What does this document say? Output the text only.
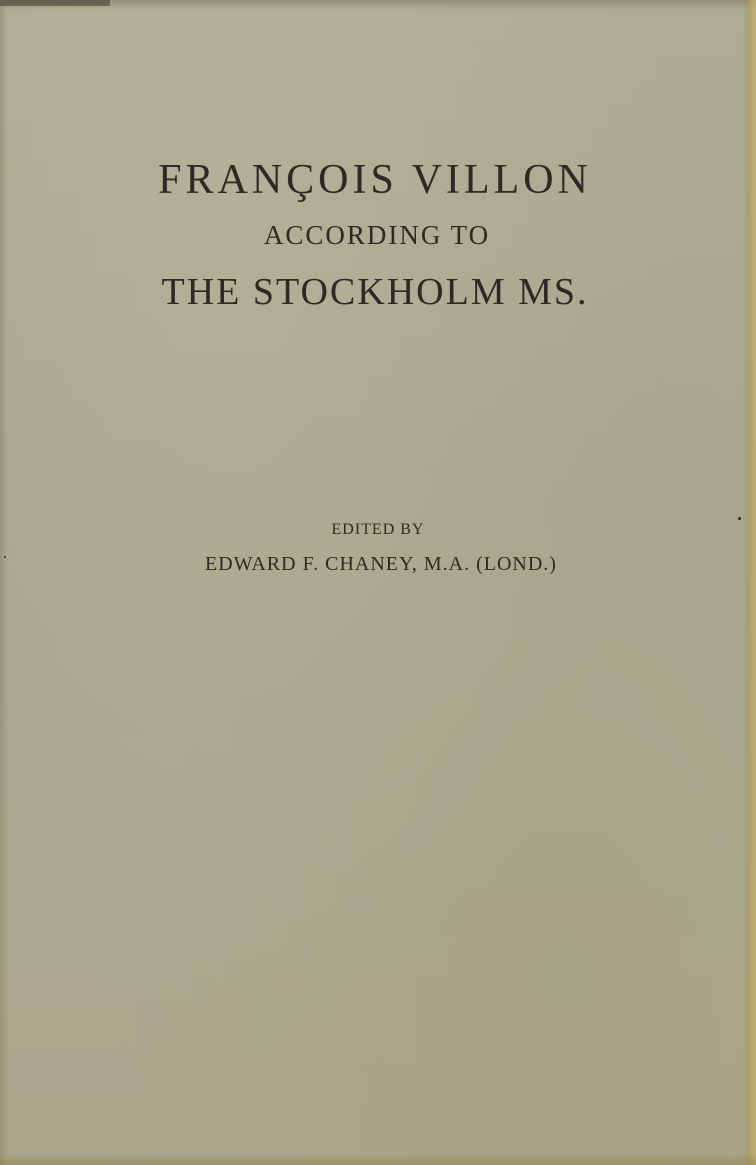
FRANÇOIS VILLON
ACCORDING TO
THE STOCKHOLM MS.
EDITED BY
EDWARD F. CHANEY, M.A. (LOND.)
